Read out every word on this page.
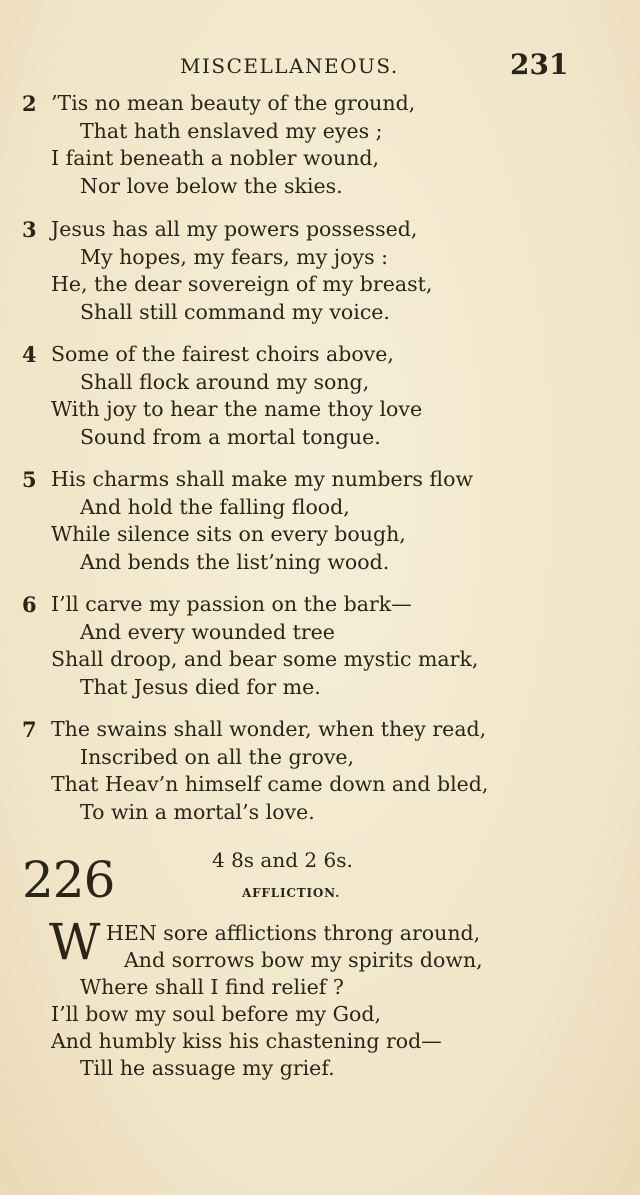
MISCELLANEOUS.	231
2 ’Tis no mean beauty of the ground,
That hath enslaved my eyes ;
I faint beneath a nobler wound,
Nor love below the skies.
3 Jesus has all my powers possessed,
My hopes, my fears, my joys :
He, the dear sovereign of my breast,
Shall still command my voice.
4 Some of the fairest choirs above,
Shall flock around my song,
With joy to hear the name thoy love
Sound from a mortal tongue.
5 His charms shall make my numbers flow
And hold the falling flood,
While silence sits on every bough,
And bends the list’ning wood.
6 I’ll carve my passion on the bark—
And every wounded tree
Shall droop, and bear some mystic mark,
That Jesus died for me.
7 The swains shall wonder, when they read,
Inscribed on all the grove,
That Heav’n himself came down and bled,
To win a mortal’s love.
226	4 8s and 2 6s.
AFFLICTION.
W HEN sore afflictions throng around,
And sorrows bow my spirits down,
Where shall I find relief ?
I’ll bow my soul before my God,
And humbly kiss his chastening rod—
Till he assuage my grief.
